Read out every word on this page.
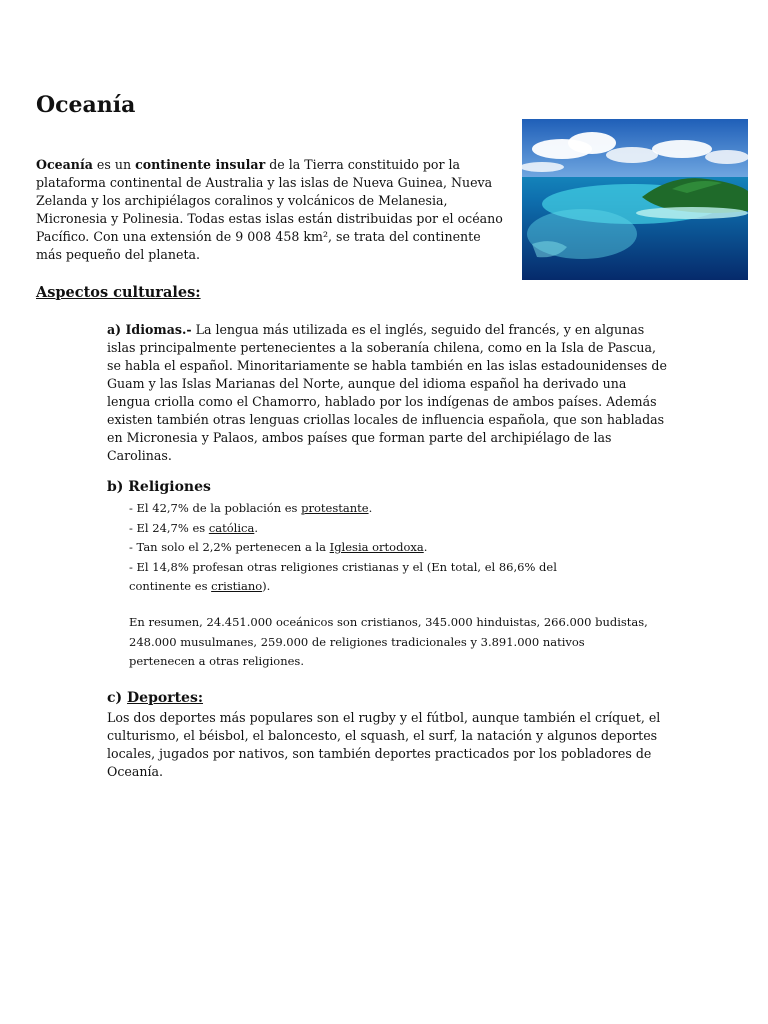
Oceanía

Oceanía es un continente insular de la Tierra constituido por la plataforma continental de Australia y las islas de Nueva Guinea, Nueva Zelanda y los archipiélagos coralinos y volcánicos de Melanesia, Micronesia y Polinesia. Todas estas islas están distribuidas por el océano Pacífico. Con una extensión de 9 008 458 km², se trata del continente más pequeño del planeta.

Aspectos culturales:

a) Idiomas.- La lengua más utilizada es el inglés, seguido del francés, y en algunas islas principalmente pertenecientes a la soberanía chilena, como en la Isla de Pascua, se habla el español. Minoritariamente se habla también en las islas estadounidenses de Guam y las Islas Marianas del Norte, aunque del idioma español ha derivado una lengua criolla como el Chamorro, hablado por los indígenas de ambos países. Además existen también otras lenguas criollas locales de influencia española, que son habladas en Micronesia y Palaos, ambos países que forman parte del archipiélago de las Carolinas.

b) Religiones
- El 42,7% de la población es protestante.
- El 24,7% es católica.
- Tan solo el 2,2% pertenecen a la Iglesia ortodoxa.
- El 14,8% profesan otras religiones cristianas y el (En total, el 86,6% del continente es cristiano).

En resumen, 24.451.000 oceánicos son cristianos, 345.000 hinduistas, 266.000 budistas, 248.000 musulmanes, 259.000 de religiones tradicionales y 3.891.000 nativos pertenecen a otras religiones.

c) Deportes:

Los dos deportes más populares son el rugby y el fútbol, aunque también el críquet, el culturismo, el béisbol, el baloncesto, el squash, el surf, la natación y algunos deportes locales, jugados por nativos, son también deportes practicados por los pobladores de Oceanía.
